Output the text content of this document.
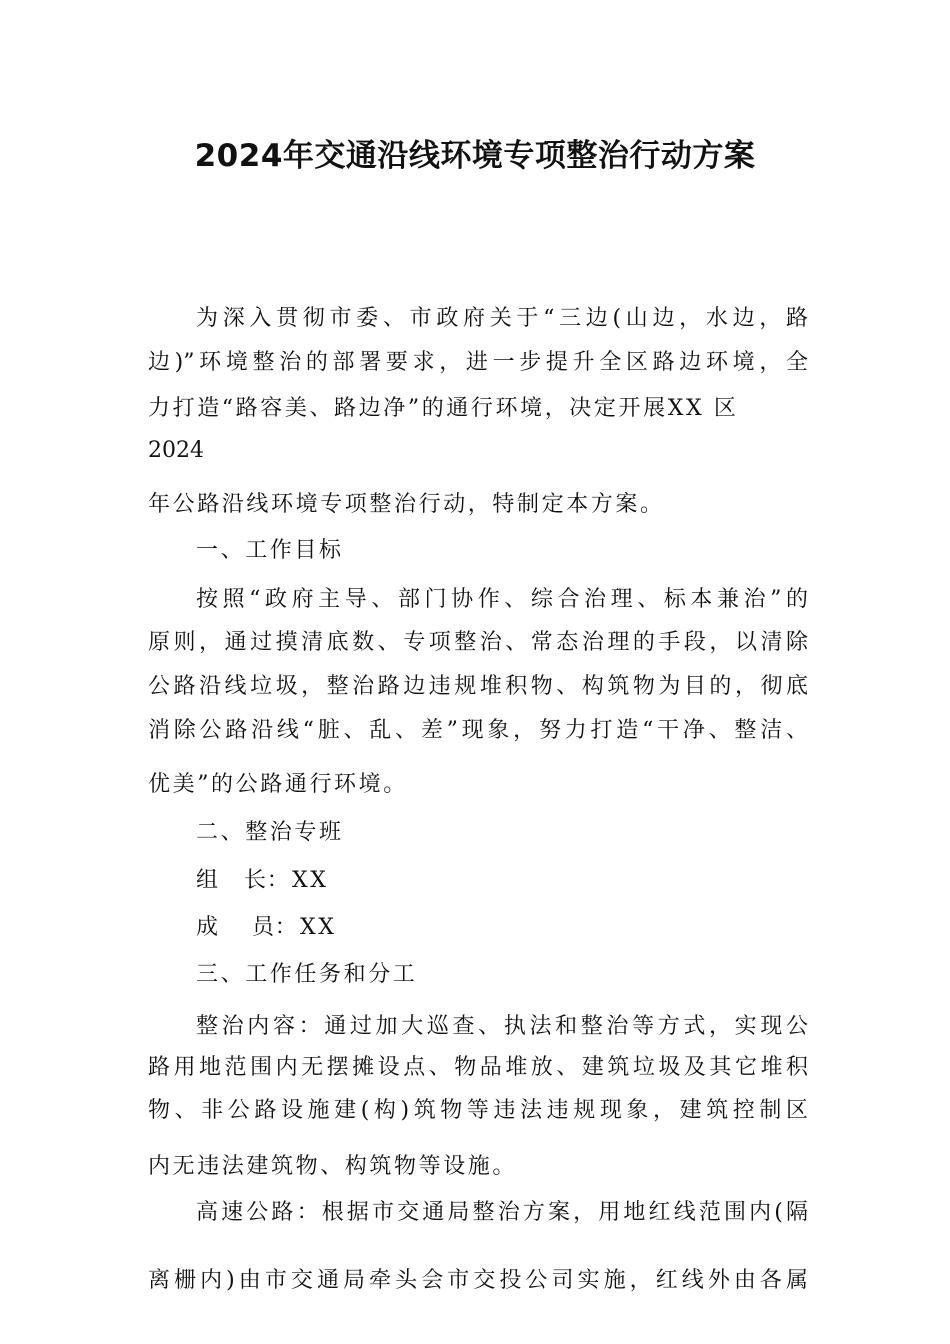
2024年交通沿线环境专项整治行动方案
为深入贯彻市委、市政府关于“三边(山边，水边，路
边)”环境整治的部署要求，进一步提升全区路边环境，全
力打造“路容美、路边净”的通行环境，决定开展XX 区
2024
年公路沿线环境专项整治行动，特制定本方案。
一、工作目标
按照“政府主导、部门协作、综合治理、标本兼治”的
原则，通过摸清底数、专项整治、常态治理的手段，以清除
公路沿线垃圾，整治路边违规堆积物、构筑物为目的，彻底
消除公路沿线“脏、乱、差”现象，努力打造“干净、整洁、
优美”的公路通行环境。
二、整治专班
组长：XX
成员：XX
三、工作任务和分工
整治内容：通过加大巡查、执法和整治等方式，实现公
路用地范围内无摆摊设点、物品堆放、建筑垃圾及其它堆积
物、非公路设施建(构)筑物等违法违规现象，建筑控制区
内无违法建筑物、构筑物等设施。
高速公路：根据市交通局整治方案，用地红线范围内(隔
离栅内)由市交通局牵头会市交投公司实施，红线外由各属
